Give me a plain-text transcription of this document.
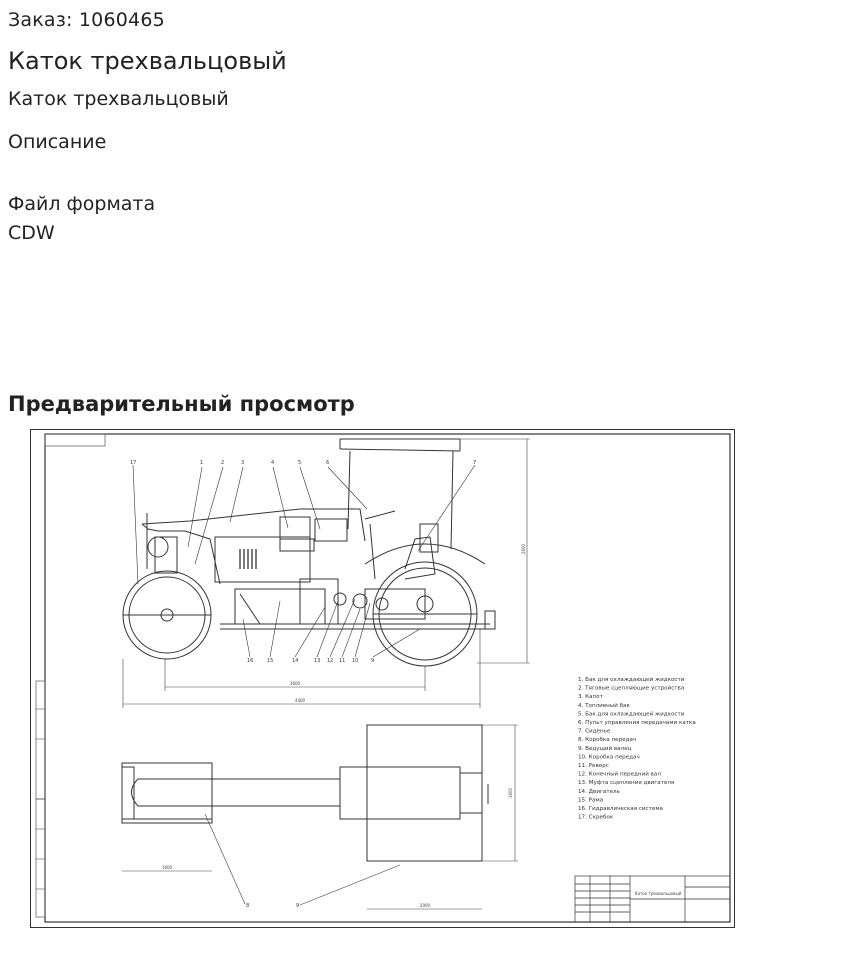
Заказ: 1060465
Каток трехвальцовый
Каток трехвальцовый
Описание
Файл формата
CDW
Предварительный просмотр
3600
4400
2600
17	1	2	3	4	5	6	7
16	15	14	13 12 11 10	9
1600
2000
1600
8	9
1. Бак для охлаждающей жидкости
2. Тяговые сцепляющие устройства
3. Капот
4. Топливный бак
5. Бак для охлаждающей жидкости
6. Пульт управления передачами катка
7. Сиденье
8. Коробка передач
9. Ведущий валец
10. Коробка передач
11. Реверс
12. Конечный передний вал
13. Муфта сцепления двигателя
14. Двигатель
15. Рама
16. Гидравлическая система
17. Скребок
Каток трехвальцовый
